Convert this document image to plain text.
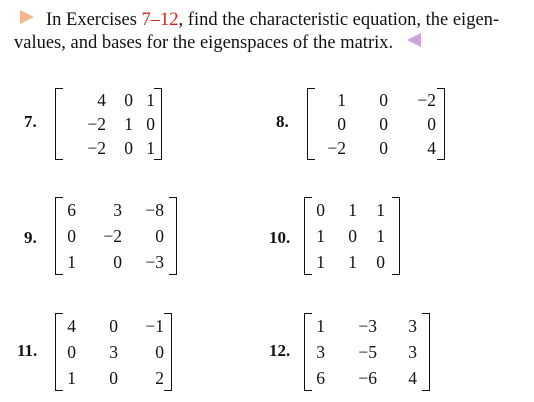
In Exercises 7–12, find the characteristic equation, the eigen-values, and bases for the eigenspaces of the matrix.
7.
4 0 1
−2 1 0
−2 0 1
8.
1 0 −2
0 0 0
−2 0 4
9.
6 3 −8
0 −2 0
1 0 −3
10.
0 1 1
1 0 1
1 1 0
11.
4 0 −1
0 3 0
1 0 2
12.
1 −3 3
3 −5 3
6 −6 4
